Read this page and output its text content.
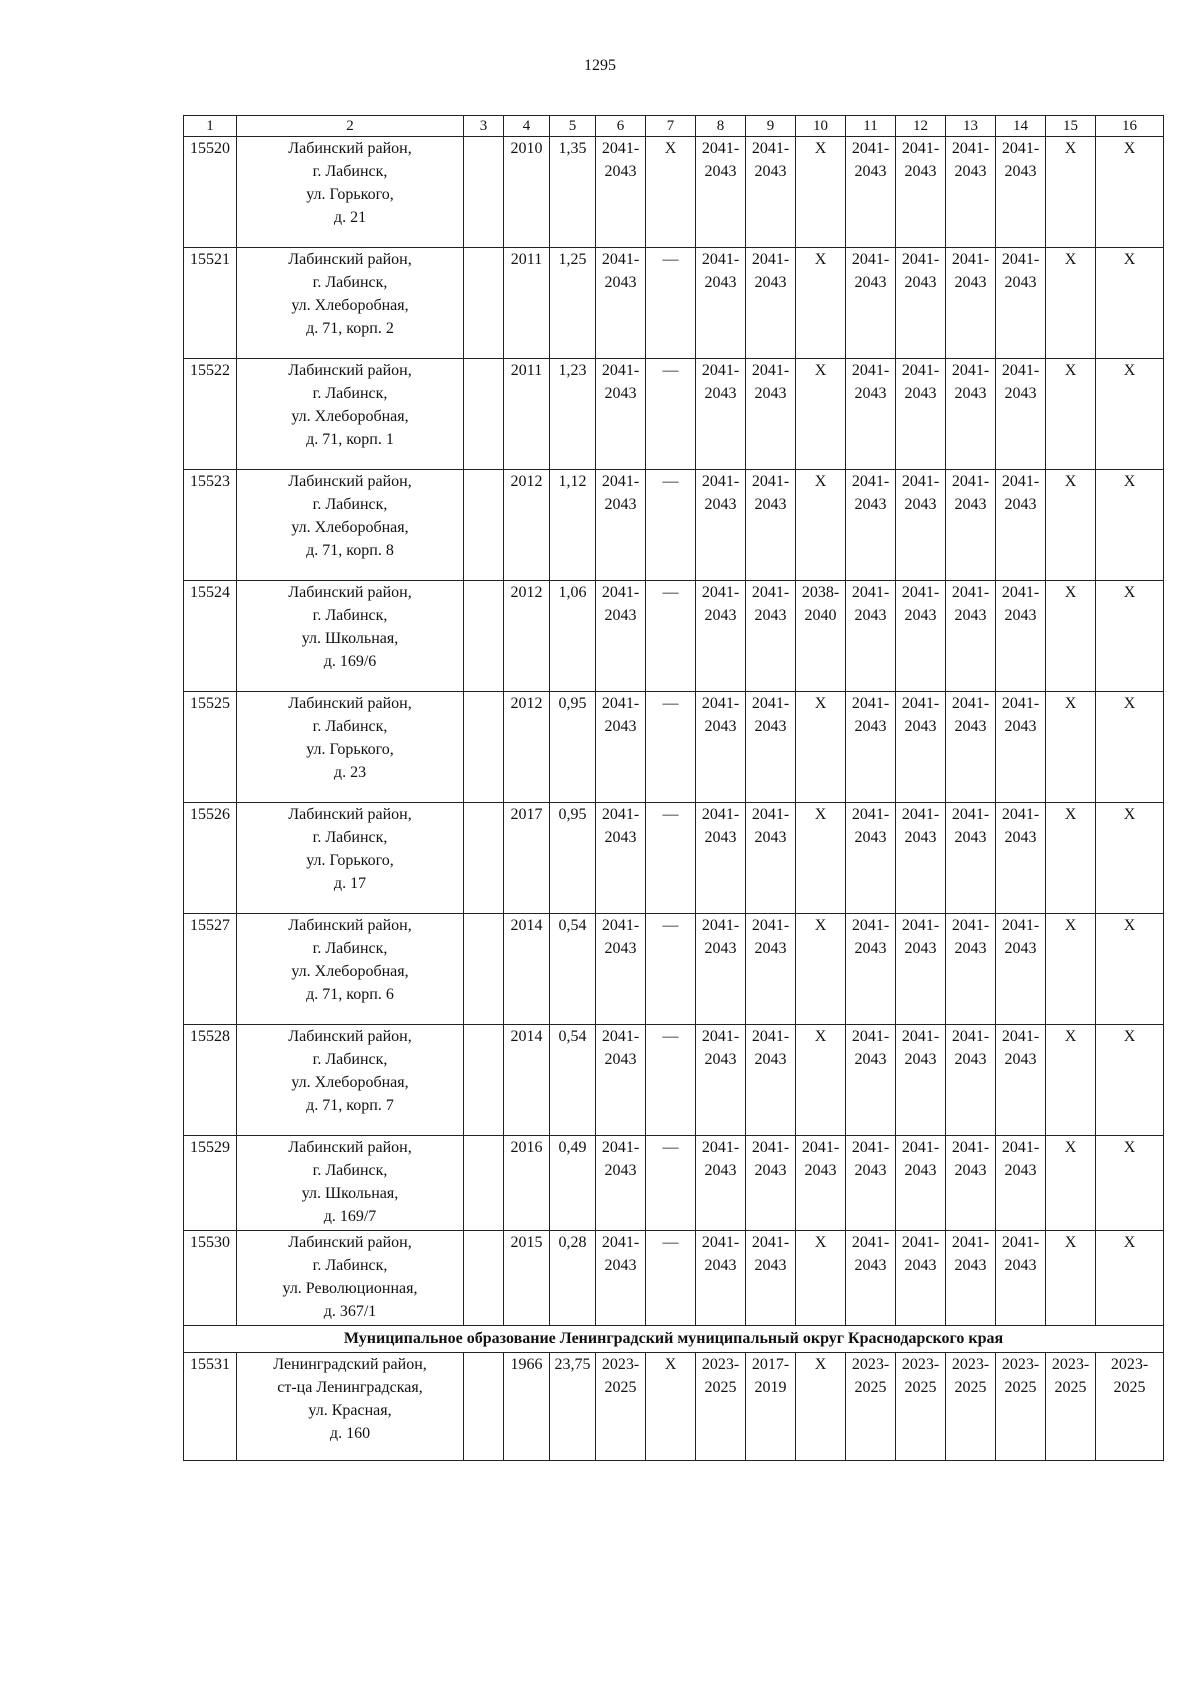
1295
1	2	3	4	5	6	7	8	9	10	11	12	13	14	15	16
15520	Лабинский район,
г. Лабинск,
ул. Горького,
д. 21		2010	1,35	2041-
2043	Х	2041-
2043	2041-
2043	Х	2041-
2043	2041-
2043	2041-
2043	2041-
2043	Х	Х
15521	Лабинский район,
г. Лабинск,
ул. Хлеборобная,
д. 71, корп. 2		2011	1,25	2041-
2043	—	2041-
2043	2041-
2043	Х	2041-
2043	2041-
2043	2041-
2043	2041-
2043	Х	Х
15522	Лабинский район,
г. Лабинск,
ул. Хлеборобная,
д. 71, корп. 1		2011	1,23	2041-
2043	—	2041-
2043	2041-
2043	Х	2041-
2043	2041-
2043	2041-
2043	2041-
2043	Х	Х
15523	Лабинский район,
г. Лабинск,
ул. Хлеборобная,
д. 71, корп. 8		2012	1,12	2041-
2043	—	2041-
2043	2041-
2043	Х	2041-
2043	2041-
2043	2041-
2043	2041-
2043	Х	Х
15524	Лабинский район,
г. Лабинск,
ул. Школьная,
д. 169/6		2012	1,06	2041-
2043	—	2041-
2043	2041-
2043	2038-
2040	2041-
2043	2041-
2043	2041-
2043	2041-
2043	Х	Х
15525	Лабинский район,
г. Лабинск,
ул. Горького,
д. 23		2012	0,95	2041-
2043	—	2041-
2043	2041-
2043	Х	2041-
2043	2041-
2043	2041-
2043	2041-
2043	Х	Х
15526	Лабинский район,
г. Лабинск,
ул. Горького,
д. 17		2017	0,95	2041-
2043	—	2041-
2043	2041-
2043	Х	2041-
2043	2041-
2043	2041-
2043	2041-
2043	Х	Х
15527	Лабинский район,
г. Лабинск,
ул. Хлеборобная,
д. 71, корп. 6		2014	0,54	2041-
2043	—	2041-
2043	2041-
2043	Х	2041-
2043	2041-
2043	2041-
2043	2041-
2043	Х	Х
15528	Лабинский район,
г. Лабинск,
ул. Хлеборобная,
д. 71, корп. 7		2014	0,54	2041-
2043	—	2041-
2043	2041-
2043	Х	2041-
2043	2041-
2043	2041-
2043	2041-
2043	Х	Х
15529	Лабинский район,
г. Лабинск,
ул. Школьная,
д. 169/7		2016	0,49	2041-
2043	—	2041-
2043	2041-
2043	2041-
2043	2041-
2043	2041-
2043	2041-
2043	2041-
2043	Х	Х
15530	Лабинский район,
г. Лабинск,
ул. Революционная,
д. 367/1		2015	0,28	2041-
2043	—	2041-
2043	2041-
2043	Х	2041-
2043	2041-
2043	2041-
2043	2041-
2043	Х	Х
Муниципальное образование Ленинградский муниципальный округ Краснодарского края															
15531	Ленинградский район,
ст-ца Ленинградская,
ул. Красная,
д. 160		1966	23,75	2023-
2025	Х	2023-
2025	2017-
2019	Х	2023-
2025	2023-
2025	2023-
2025	2023-
2025	2023-
2025	2023-
2025
